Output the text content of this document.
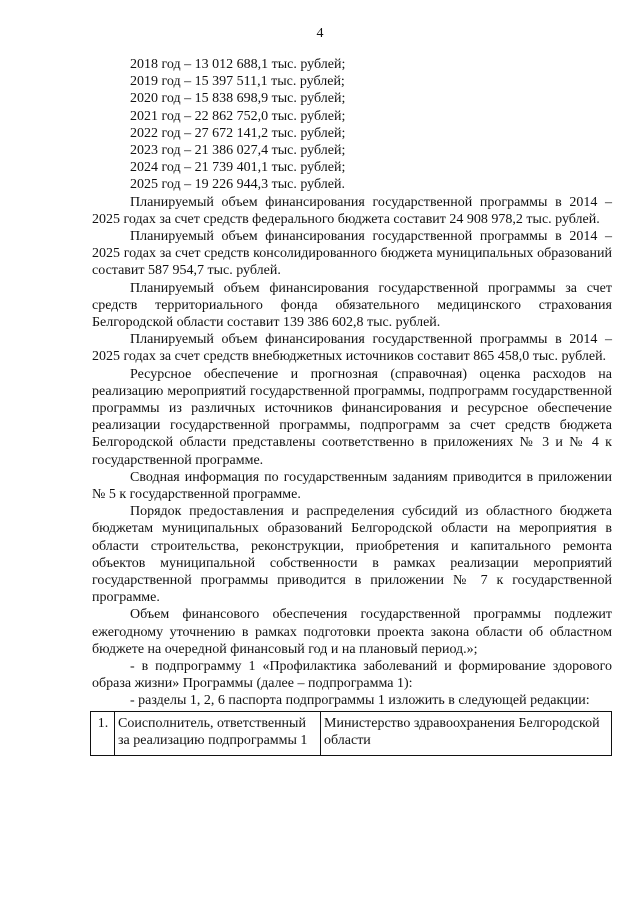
4
2018 год – 13 012 688,1 тыс. рублей;
2019 год – 15 397 511,1 тыс. рублей;
2020 год – 15 838 698,9 тыс. рублей;
2021 год – 22 862 752,0 тыс. рублей;
2022 год – 27 672 141,2 тыс. рублей;
2023 год – 21 386 027,4 тыс. рублей;
2024 год – 21 739 401,1 тыс. рублей;
2025 год – 19 226 944,3 тыс. рублей.

Планируемый объем финансирования государственной программы в 2014 – 2025 годах за счет средств федерального бюджета составит 24 908 978,2 тыс. рублей.

Планируемый объем финансирования государственной программы в 2014 – 2025 годах за счет средств консолидированного бюджета муниципальных образований составит 587 954,7 тыс. рублей.

Планируемый объем финансирования государственной программы за счет средств территориального фонда обязательного медицинского страхования Белгородской области составит 139 386 602,8 тыс. рублей.

Планируемый объем финансирования государственной программы в 2014 – 2025 годах за счет средств внебюджетных источников составит 865 458,0 тыс. рублей.

Ресурсное обеспечение и прогнозная (справочная) оценка расходов на реализацию мероприятий государственной программы, подпрограмм государственной программы из различных источников финансирования и ресурсное обеспечение реализации государственной программы, подпрограмм за счет средств бюджета Белгородской области представлены соответственно в приложениях № 3 и № 4 к государственной программе.

Сводная информация по государственным заданиям приводится в приложении № 5 к государственной программе.

Порядок предоставления и распределения субсидий из областного бюджета бюджетам муниципальных образований Белгородской области на мероприятия в области строительства, реконструкции, приобретения и капитального ремонта объектов муниципальной собственности в рамках реализации мероприятий государственной программы приводится в приложении № 7 к государственной программе.

Объем финансового обеспечения государственной программы подлежит ежегодному уточнению в рамках подготовки проекта закона области об областном бюджете на очередной финансовый год и на плановый период.»;

- в подпрограмму 1 «Профилактика заболеваний и формирование здорового образа жизни» Программы (далее – подпрограмма 1):
- разделы 1, 2, 6 паспорта подпрограммы 1 изложить в следующей редакции:
1.	Соисполнитель, ответственный за реализацию подпрограммы 1	Министерство здравоохранения Белгородской области
